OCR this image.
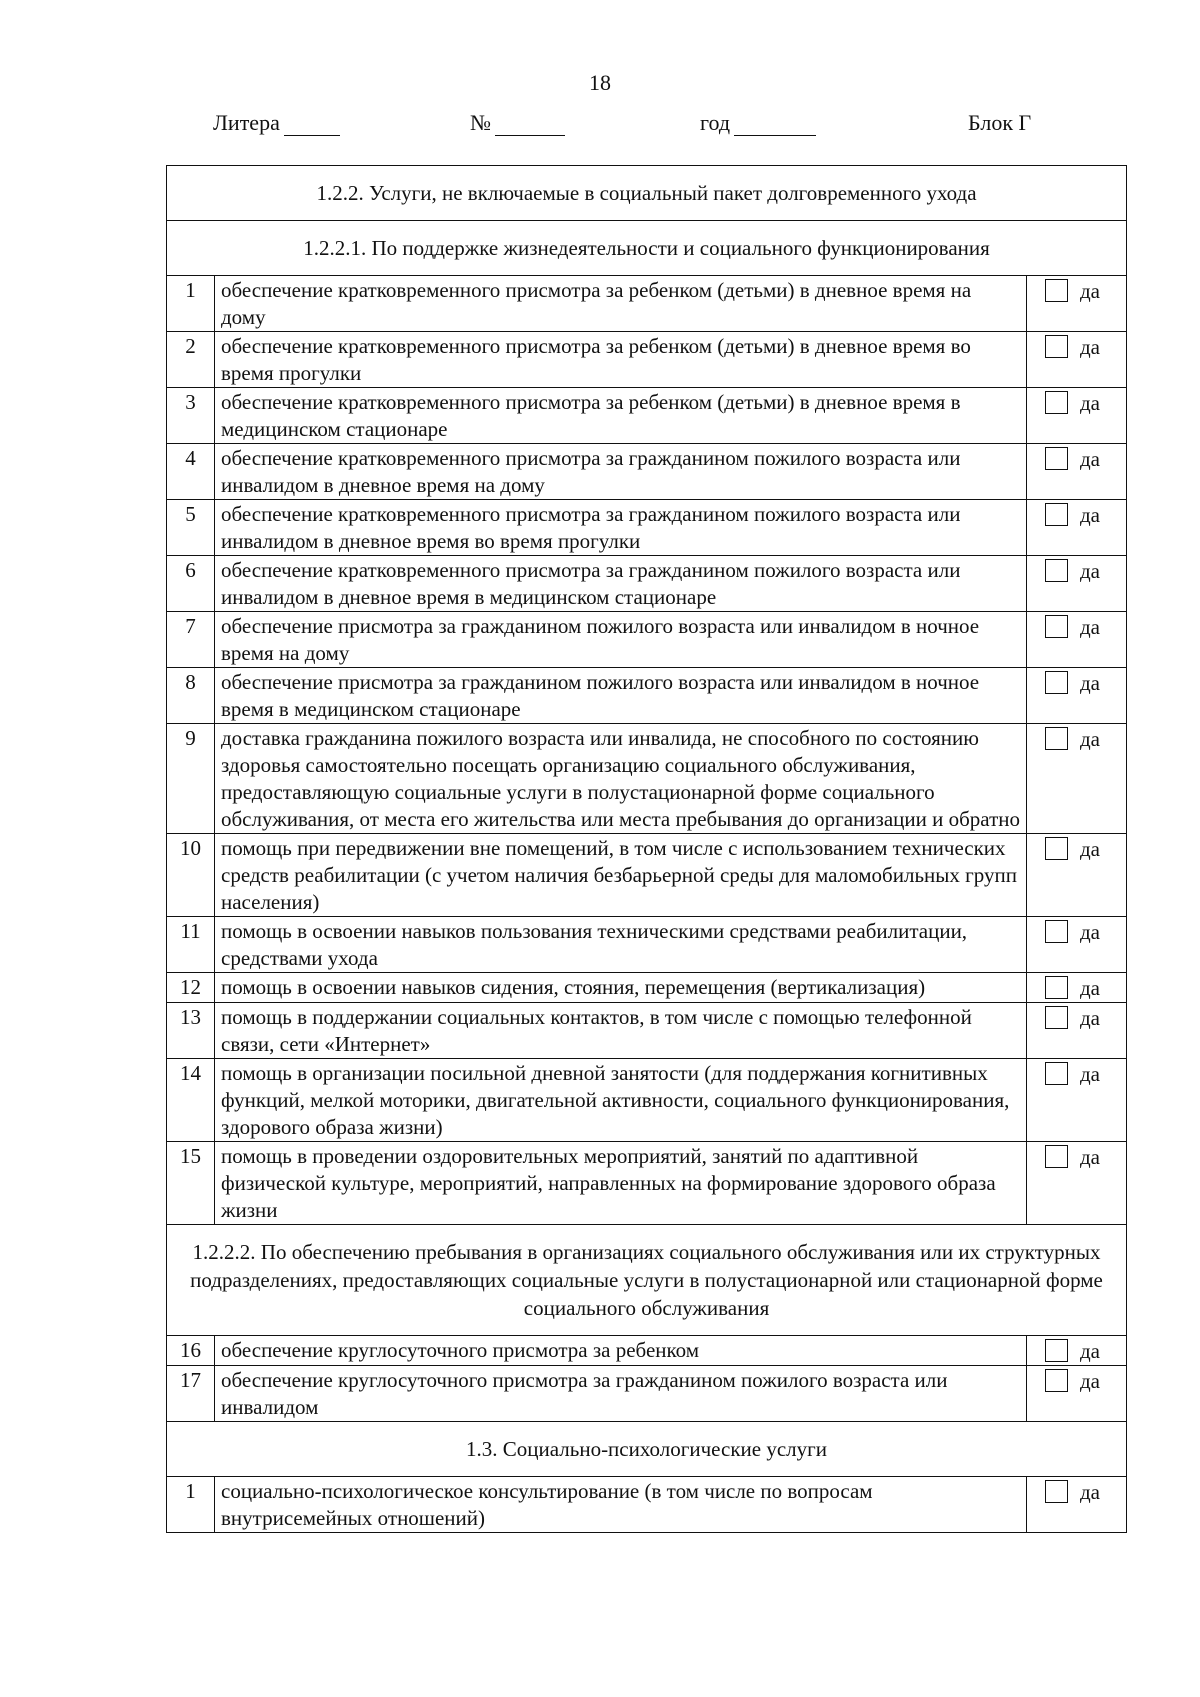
18
Литера	№	год	Блок Г
1.2.2. Услуги, не включаемые в социальный пакет долговременного ухода		
1.2.2.1. По поддержке жизнедеятельности и социального функционирования		
1	обеспечение кратковременного присмотра за ребенком (детьми) в дневное время на дому	да
2	обеспечение кратковременного присмотра за ребенком (детьми) в дневное время во время прогулки	да
3	обеспечение кратковременного присмотра за ребенком (детьми) в дневное время в медицинском стационаре	да
4	обеспечение кратковременного присмотра за гражданином пожилого возраста или инвалидом в дневное время на дому	да
5	обеспечение кратковременного присмотра за гражданином пожилого возраста или инвалидом в дневное время во время прогулки	да
6	обеспечение кратковременного присмотра за гражданином пожилого возраста или инвалидом в дневное время в медицинском стационаре	да
7	обеспечение присмотра за гражданином пожилого возраста или инвалидом в ночное время на дому	да
8	обеспечение присмотра за гражданином пожилого возраста или инвалидом в ночное время в медицинском стационаре	да
9	доставка гражданина пожилого возраста или инвалида, не способного по состоянию здоровья самостоятельно посещать организацию социального обслуживания, предоставляющую социальные услуги в полустационарной форме социального обслуживания, от места его жительства или места пребывания до организации и обратно	да
10	помощь при передвижении вне помещений, в том числе с использованием технических средств реабилитации (с учетом наличия безбарьерной среды для маломобильных групп населения)	да
11	помощь в освоении навыков пользования техническими средствами реабилитации, средствами ухода	да
12	помощь в освоении навыков сидения, стояния, перемещения (вертикализация)	да
13	помощь в поддержании социальных контактов, в том числе с помощью телефонной связи, сети «Интернет»	да
14	помощь в организации посильной дневной занятости (для поддержания когнитивных функций, мелкой моторики, двигательной активности, социального функционирования, здорового образа жизни)	да
15	помощь в проведении оздоровительных мероприятий, занятий по адаптивной физической культуре, мероприятий, направленных на формирование здорового образа жизни	да
1.2.2.2. По обеспечению пребывания в организациях социального обслуживания или их структурных подразделениях, предоставляющих социальные услуги в полустационарной или стационарной форме социального обслуживания		
16	обеспечение круглосуточного присмотра за ребенком	да
17	обеспечение круглосуточного присмотра за гражданином пожилого возраста или инвалидом	да
1.3. Социально-психологические услуги		
1	социально-психологическое консультирование (в том числе по вопросам внутрисемейных отношений)	да
